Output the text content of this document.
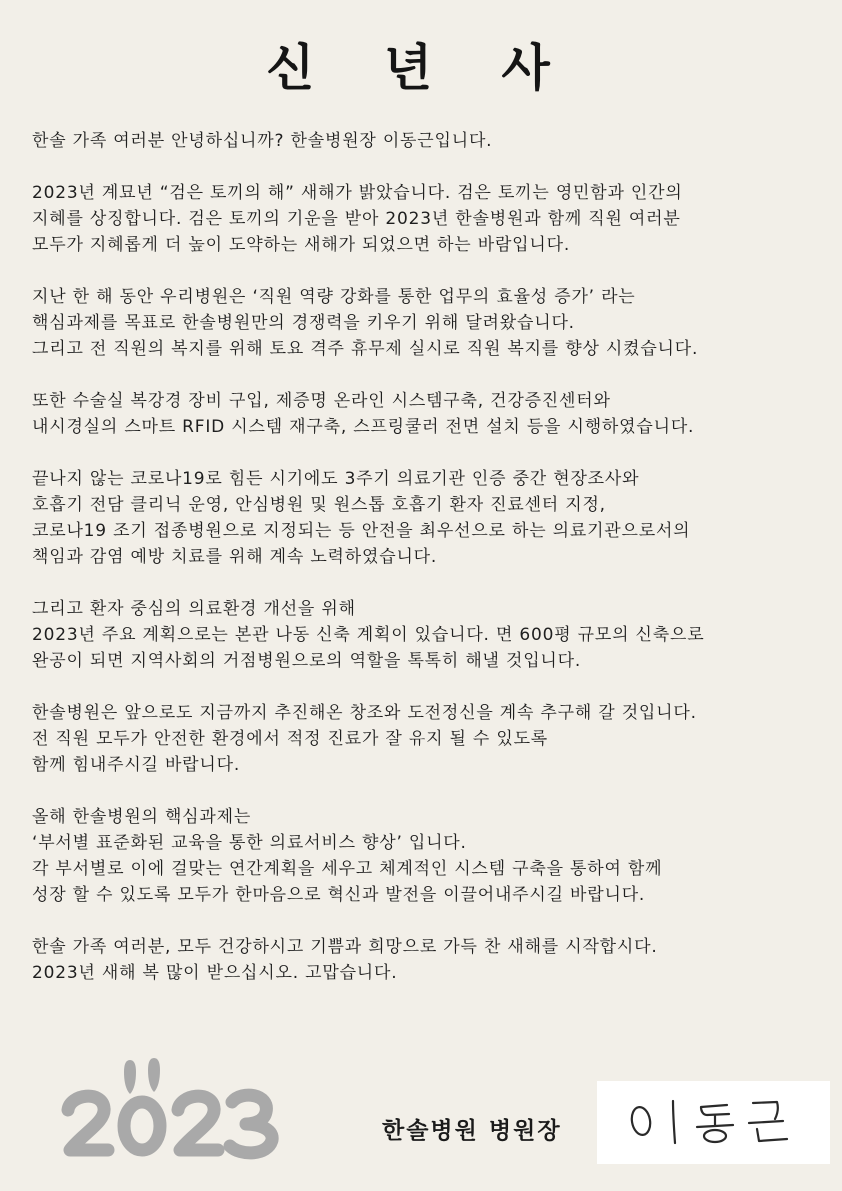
신 년 사
한솔 가족 여러분 안녕하십니까? 한솔병원장 이동근입니다.
2023년 계묘년 “검은 토끼의 해” 새해가 밝았습니다. 검은 토끼는 영민함과 인간의
지혜를 상징합니다. 검은 토끼의 기운을 받아 2023년 한솔병원과 함께 직원 여러분
모두가 지혜롭게 더 높이 도약하는 새해가 되었으면 하는 바람입니다.
지난 한 해 동안 우리병원은 ‘직원 역량 강화를 통한 업무의 효율성 증가’ 라는
핵심과제를 목표로 한솔병원만의 경쟁력을 키우기 위해 달려왔습니다.
그리고 전 직원의 복지를 위해 토요 격주 휴무제 실시로 직원 복지를 향상 시켰습니다.
또한 수술실 복강경 장비 구입, 제증명 온라인 시스템구축, 건강증진센터와
내시경실의 스마트 RFID 시스템 재구축, 스프링쿨러 전면 설치 등을 시행하였습니다.
끝나지 않는 코로나19로 힘든 시기에도 3주기 의료기관 인증 중간 현장조사와
호흡기 전담 클리닉 운영, 안심병원 및 원스톱 호흡기 환자 진료센터 지정,
코로나19 조기 접종병원으로 지정되는 등 안전을 최우선으로 하는 의료기관으로서의
책임과 감염 예방 치료를 위해 계속 노력하였습니다.
그리고 환자 중심의 의료환경 개선을 위해
2023년 주요 계획으로는 본관 나동 신축 계획이 있습니다. 면 600평 규모의 신축으로
완공이 되면 지역사회의 거점병원으로의 역할을 톡톡히 해낼 것입니다.
한솔병원은 앞으로도 지금까지 추진해온 창조와 도전정신을 계속 추구해 갈 것입니다.
전 직원 모두가 안전한 환경에서 적정 진료가 잘 유지 될 수 있도록
함께 힘내주시길 바랍니다.
올해 한솔병원의 핵심과제는
‘부서별 표준화된 교육을 통한 의료서비스 향상’ 입니다.
각 부서별로 이에 걸맞는 연간계획을 세우고 체계적인 시스템 구축을 통하여 함께
성장 할 수 있도록 모두가 한마음으로 혁신과 발전을 이끌어내주시길 바랍니다.
한솔 가족 여러분, 모두 건강하시고 기쁨과 희망으로 가득 찬 새해를 시작합시다.
2023년 새해 복 많이 받으십시오. 고맙습니다.
한솔병원 병원장
